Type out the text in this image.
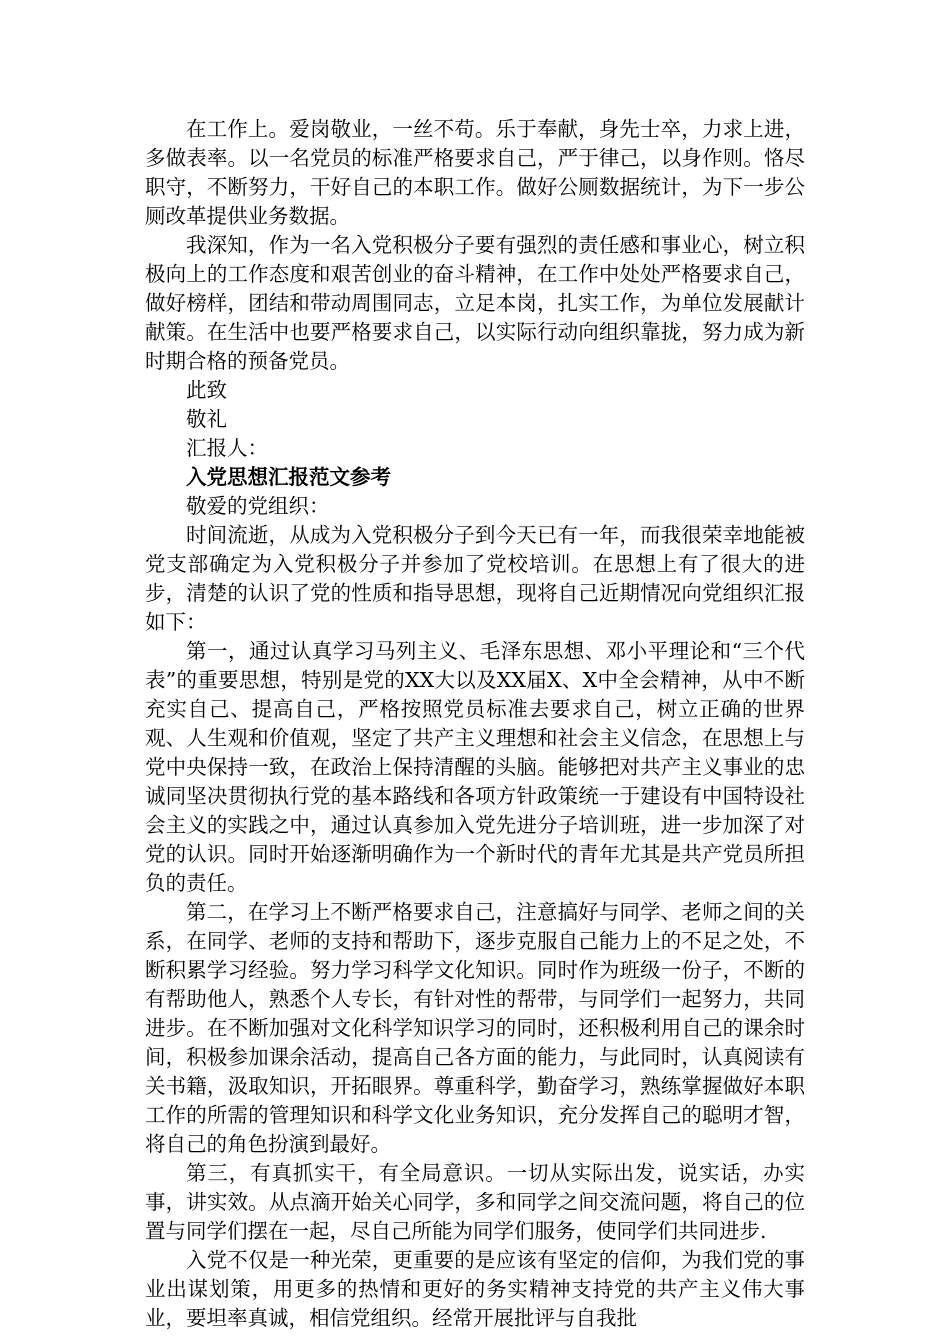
在工作上。爱岗敬业，一丝不苟。乐于奉献，身先士卒，力求上进，多做表率。以一名党员的标准严格要求自己，严于律己，以身作则。恪尽职守，不断努力，干好自己的本职工作。做好公厕数据统计，为下一步公厕改革提供业务数据。

我深知，作为一名入党积极分子要有强烈的责任感和事业心，树立积极向上的工作态度和艰苦创业的奋斗精神，在工作中处处严格要求自己，做好榜样，团结和带动周围同志，立足本岗，扎实工作，为单位发展献计献策。在生活中也要严格要求自己，以实际行动向组织靠拢，努力成为新时期合格的预备党员。

此致

敬礼

汇报人：

入党思想汇报范文参考

敬爱的党组织：

时间流逝，从成为入党积极分子到今天已有一年，而我很荣幸地能被党支部确定为入党积极分子并参加了党校培训。在思想上有了很大的进步，清楚的认识了党的性质和指导思想，现将自己近期情况向党组织汇报如下：

第一，通过认真学习马列主义、毛泽东思想、邓小平理论和“三个代表”的重要思想，特别是党的XX大以及XX届X、X中全会精神，从中不断充实自己、提高自己，严格按照党员标准去要求自己，树立正确的世界观、人生观和价值观，坚定了共产主义理想和社会主义信念，在思想上与党中央保持一致，在政治上保持清醒的头脑。能够把对共产主义事业的忠诚同坚决贯彻执行党的基本路线和各项方针政策统一于建设有中国特设社会主义的实践之中，通过认真参加入党先进分子培训班，进一步加深了对党的认识。同时开始逐渐明确作为一个新时代的青年尤其是共产党员所担负的责任。

第二，在学习上不断严格要求自己，注意搞好与同学、老师之间的关系，在同学、老师的支持和帮助下，逐步克服自己能力上的不足之处，不断积累学习经验。努力学习科学文化知识。同时作为班级一份子，不断的有帮助他人，熟悉个人专长，有针对性的帮带，与同学们一起努力，共同进步。在不断加强对文化科学知识学习的同时，还积极利用自己的课余时间，积极参加课余活动，提高自己各方面的能力，与此同时，认真阅读有关书籍，汲取知识，开拓眼界。尊重科学，勤奋学习，熟练掌握做好本职工作的所需的管理知识和科学文化业务知识，充分发挥自己的聪明才智，将自己的角色扮演到最好。

第三，有真抓实干，有全局意识。一切从实际出发，说实话，办实事，讲实效。从点滴开始关心同学，多和同学之间交流问题，将自己的位置与同学们摆在一起，尽自己所能为同学们服务，使同学们共同进步.

入党不仅是一种光荣，更重要的是应该有坚定的信仰，为我们党的事业出谋划策，用更多的热情和更好的务实精神支持党的共产主义伟大事业，要坦率真诚，相信党组织。经常开展批评与自我批
